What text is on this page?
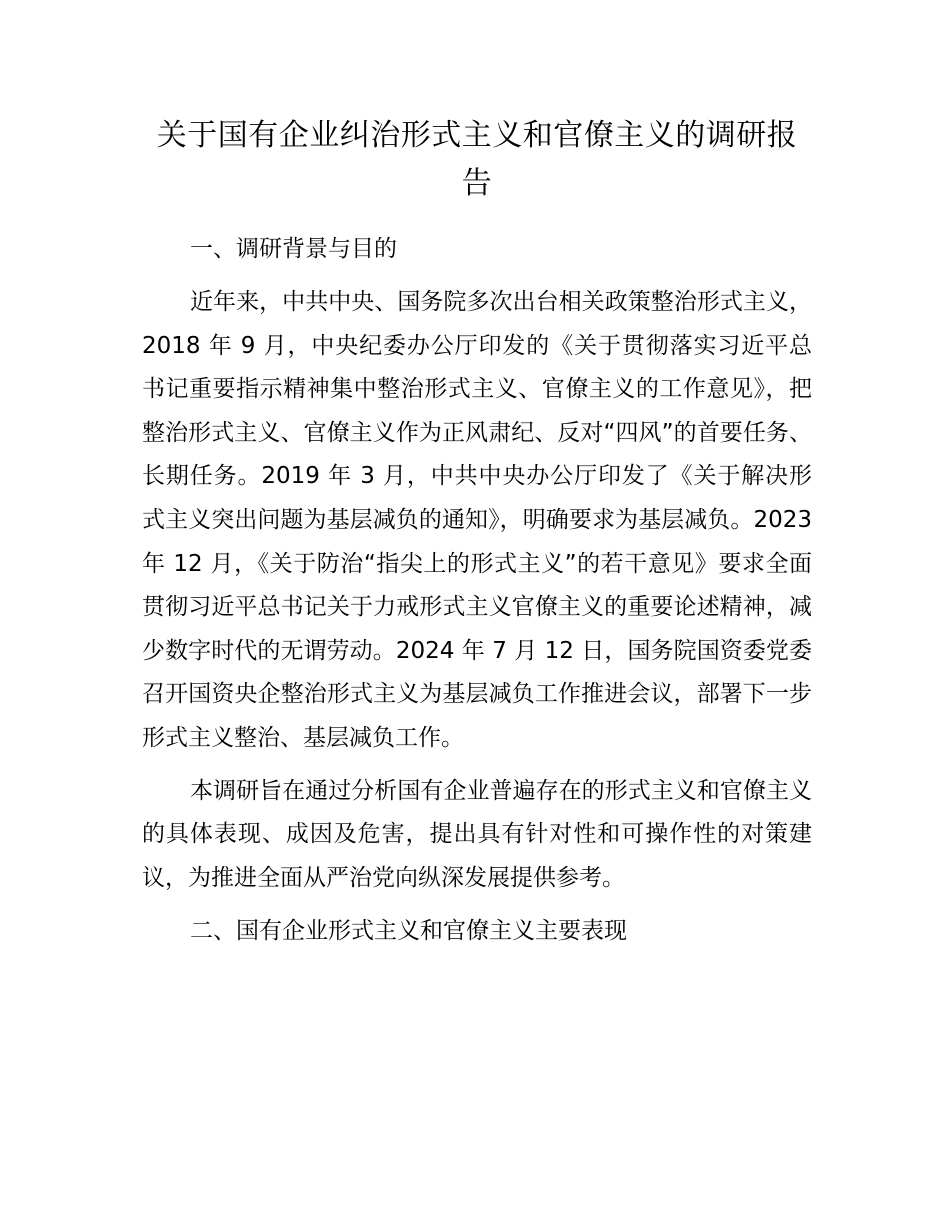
关于国有企业纠治形式主义和官僚主义的调研报告

一、调研背景与目的

近年来，中共中央、国务院多次出台相关政策整治形式主义，2018 年 9 月，中央纪委办公厅印发的《关于贯彻落实习近平总书记重要指示精神集中整治形式主义、官僚主义的工作意见》，把整治形式主义、官僚主义作为正风肃纪、反对“四风”的首要任务、长期任务。2019 年 3 月，中共中央办公厅印发了《关于解决形式主义突出问题为基层减负的通知》，明确要求为基层减负。2023 年 12 月，《关于防治“指尖上的形式主义”的若干意见》要求全面贯彻习近平总书记关于力戒形式主义官僚主义的重要论述精神，减少数字时代的无谓劳动。2024 年 7 月 12 日，国务院国资委党委召开国资央企整治形式主义为基层减负工作推进会议，部署下一步形式主义整治、基层减负工作。

本调研旨在通过分析国有企业普遍存在的形式主义和官僚主义的具体表现、成因及危害，提出具有针对性和可操作性的对策建议，为推进全面从严治党向纵深发展提供参考。

二、国有企业形式主义和官僚主义主要表现
